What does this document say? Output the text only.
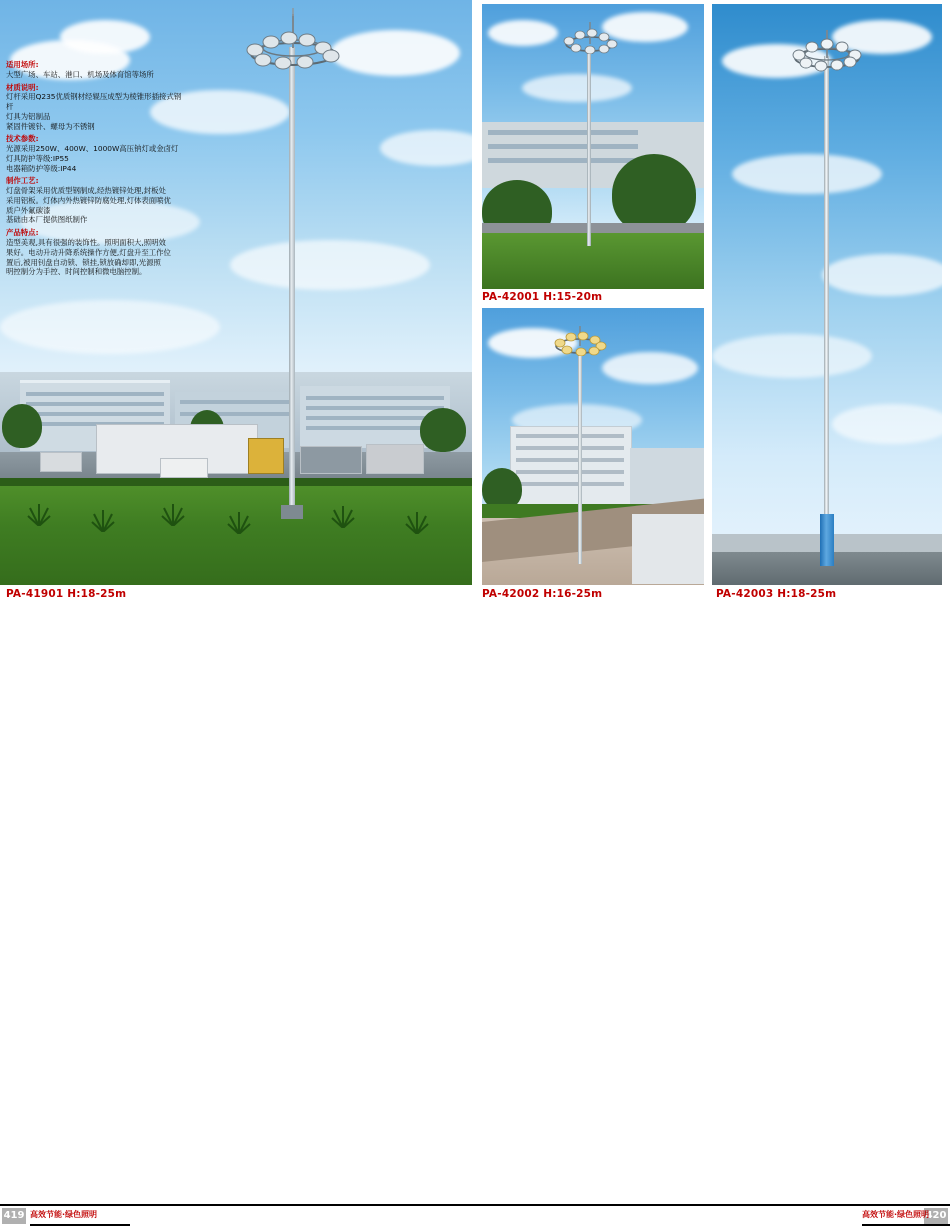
适用场所:
大型广场、车站、港口、机场及体育馆等场所
材质说明:
灯杆采用Q235优质钢材经辊压成型为棱锥形插接式钢杆
灯具为铝制品
紧固件镀钋、螺母为不锈钢
技术参数:
光源采用250W、400W、1000W高压钠灯或金卤灯
灯具防护等级:IP55
电器箱防护等级:IP44
制作工艺:
灯盘骨架采用优质型钢制成,经热镀锌处理,封板处
采用铝板。灯体内外热镀锌防腐处理,灯体表面喷优
质户外氟碳漆
基础由本厂提供图纸制作
产品特点:
造型美观,具有很强的装饰性。照明面积大,照明效
果好。电动升动升降系统操作方便,灯盘升至工作位
置后,被用钊盘自动锁、锁挂,锁放确却即,光源照
明控制分为手控、时间控制和微电脑控制。
PA-41901 H:18-25m
PA-42001 H:15-20m
PA-42002 H:16-25m	PA-42003 H:18-25m
419 高效节能·绿色照明	420
高效节能·绿色照明
